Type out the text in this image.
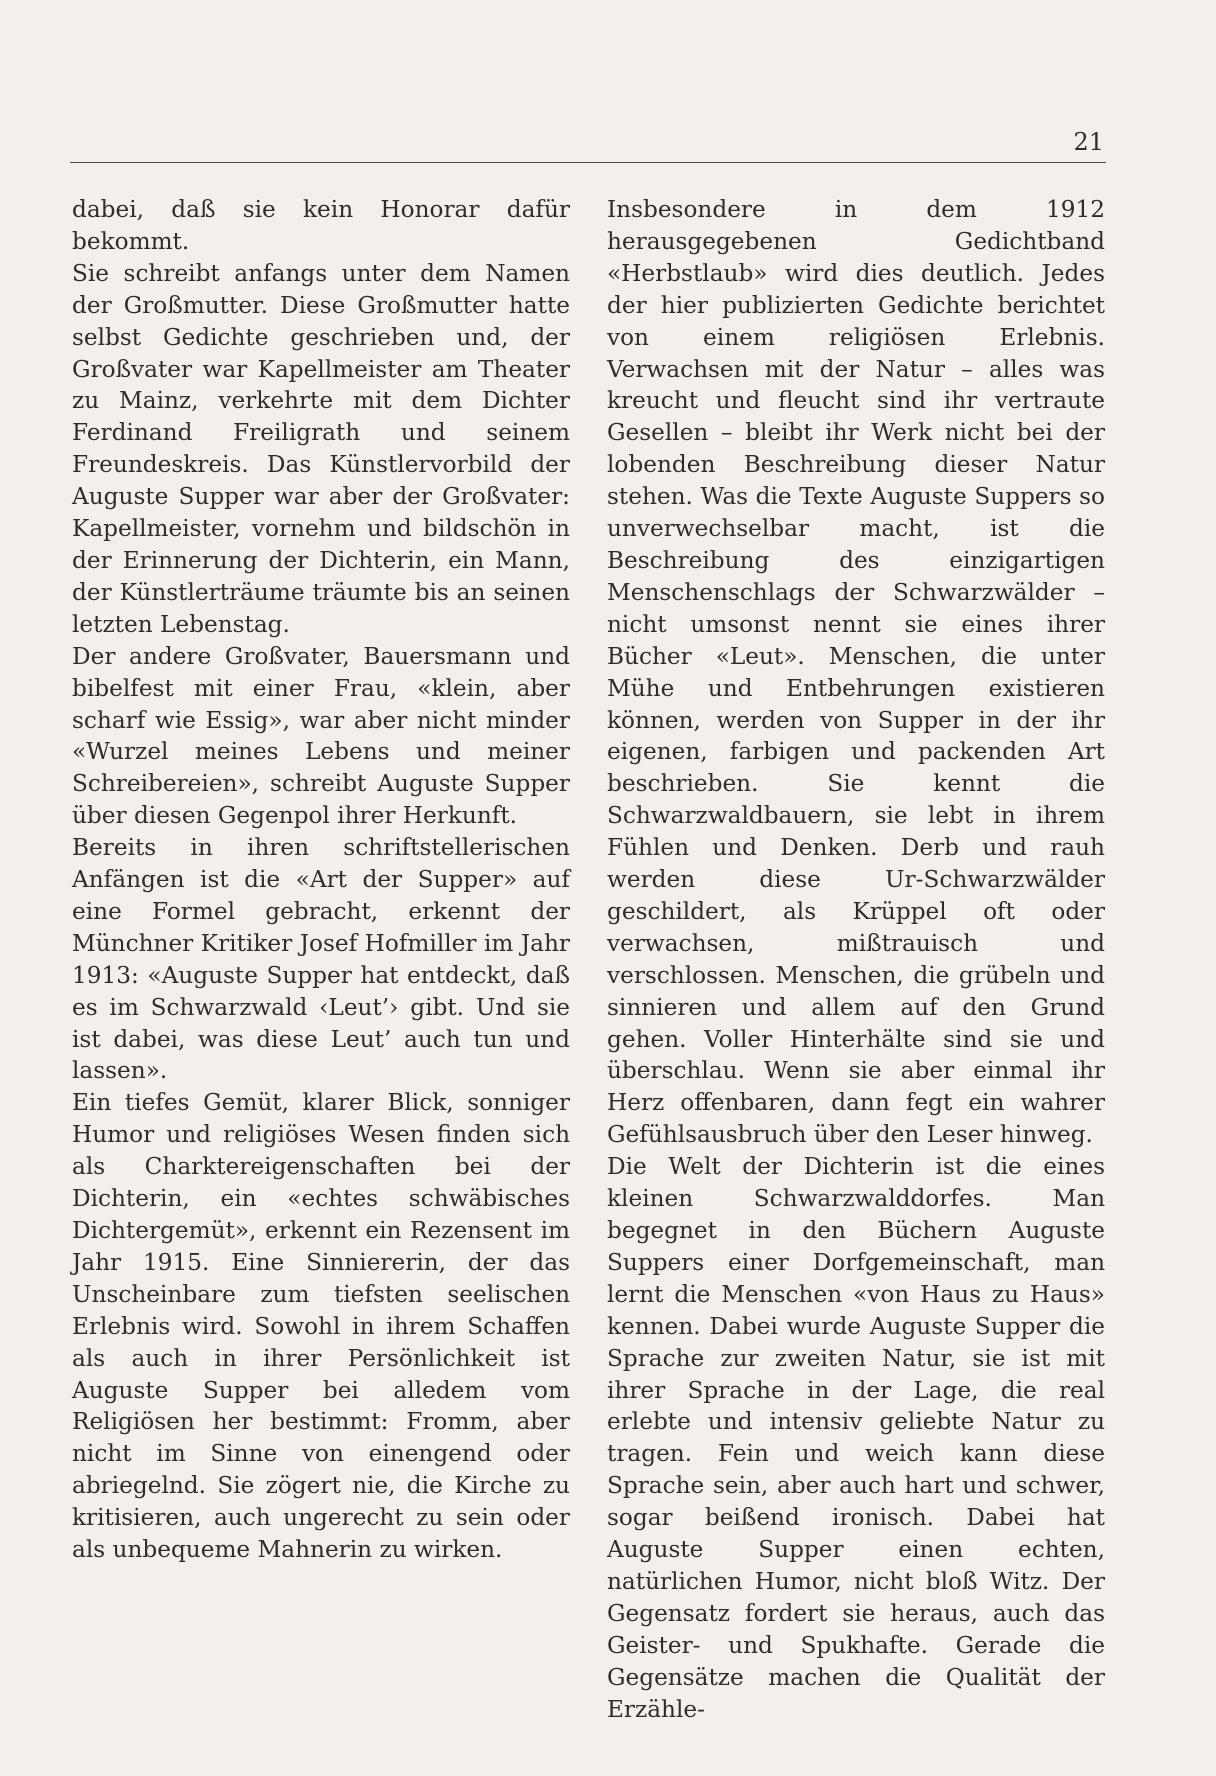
21

dabei, daß sie kein Honorar dafür bekommt.

Sie schreibt anfangs unter dem Namen der Großmutter. Diese Großmutter hatte selbst Gedichte geschrieben und, der Großvater war Kapellmeister am Theater zu Mainz, verkehrte mit dem Dichter Ferdinand Freiligrath und seinem Freundeskreis. Das Künstlervorbild der Auguste Supper war aber der Großvater: Kapellmeister, vornehm und bildschön in der Erinnerung der Dichterin, ein Mann, der Künstlerträume träumte bis an seinen letzten Lebenstag.

Der andere Großvater, Bauersmann und bibelfest mit einer Frau, «klein, aber scharf wie Essig», war aber nicht minder «Wurzel meines Lebens und meiner Schreibereien», schreibt Auguste Supper über diesen Gegenpol ihrer Herkunft.

Bereits in ihren schriftstellerischen Anfängen ist die «Art der Supper» auf eine Formel gebracht, erkennt der Münchner Kritiker Josef Hofmiller im Jahr 1913: «Auguste Supper hat entdeckt, daß es im Schwarzwald ‹Leut’› gibt. Und sie ist dabei, was diese Leut’ auch tun und lassen».

Ein tiefes Gemüt, klarer Blick, sonniger Humor und religiöses Wesen finden sich als Charktereigenschaften bei der Dichterin, ein «echtes schwäbisches Dichtergemüt», erkennt ein Rezensent im Jahr 1915. Eine Sinniererin, der das Unscheinbare zum tiefsten seelischen Erlebnis wird. Sowohl in ihrem Schaffen als auch in ihrer Persönlichkeit ist Auguste Supper bei alledem vom Religiösen her bestimmt: Fromm, aber nicht im Sinne von einengend oder abriegelnd. Sie zögert nie, die Kirche zu kritisieren, auch ungerecht zu sein oder als unbequeme Mahnerin zu wirken.

Insbesondere in dem 1912 herausgegebenen Gedichtband «Herbstlaub» wird dies deutlich. Jedes der hier publizierten Gedichte berichtet von einem religiösen Erlebnis. Verwachsen mit der Natur – alles was kreucht und fleucht sind ihr vertraute Gesellen – bleibt ihr Werk nicht bei der lobenden Beschreibung dieser Natur stehen. Was die Texte Auguste Suppers so unverwechselbar macht, ist die Beschreibung des einzigartigen Menschenschlags der Schwarzwälder – nicht umsonst nennt sie eines ihrer Bücher «Leut». Menschen, die unter Mühe und Entbehrungen existieren können, werden von Supper in der ihr eigenen, farbigen und packenden Art beschrieben. Sie kennt die Schwarzwaldbauern, sie lebt in ihrem Fühlen und Denken. Derb und rauh werden diese Ur-Schwarzwälder geschildert, als Krüppel oft oder verwachsen, mißtrauisch und verschlossen. Menschen, die grübeln und sinnieren und allem auf den Grund gehen. Voller Hinterhälte sind sie und überschlau. Wenn sie aber einmal ihr Herz offenbaren, dann fegt ein wahrer Gefühlsausbruch über den Leser hinweg.

Die Welt der Dichterin ist die eines kleinen Schwarzwalddorfes. Man begegnet in den Büchern Auguste Suppers einer Dorfgemeinschaft, man lernt die Menschen «von Haus zu Haus» kennen. Dabei wurde Auguste Supper die Sprache zur zweiten Natur, sie ist mit ihrer Sprache in der Lage, die real erlebte und intensiv geliebte Natur zu tragen. Fein und weich kann diese Sprache sein, aber auch hart und schwer, sogar beißend ironisch. Dabei hat Auguste Supper einen echten, natürlichen Humor, nicht bloß Witz. Der Gegensatz fordert sie heraus, auch das Geister- und Spukhafte. Gerade die Gegensätze machen die Qualität der Erzähle-
